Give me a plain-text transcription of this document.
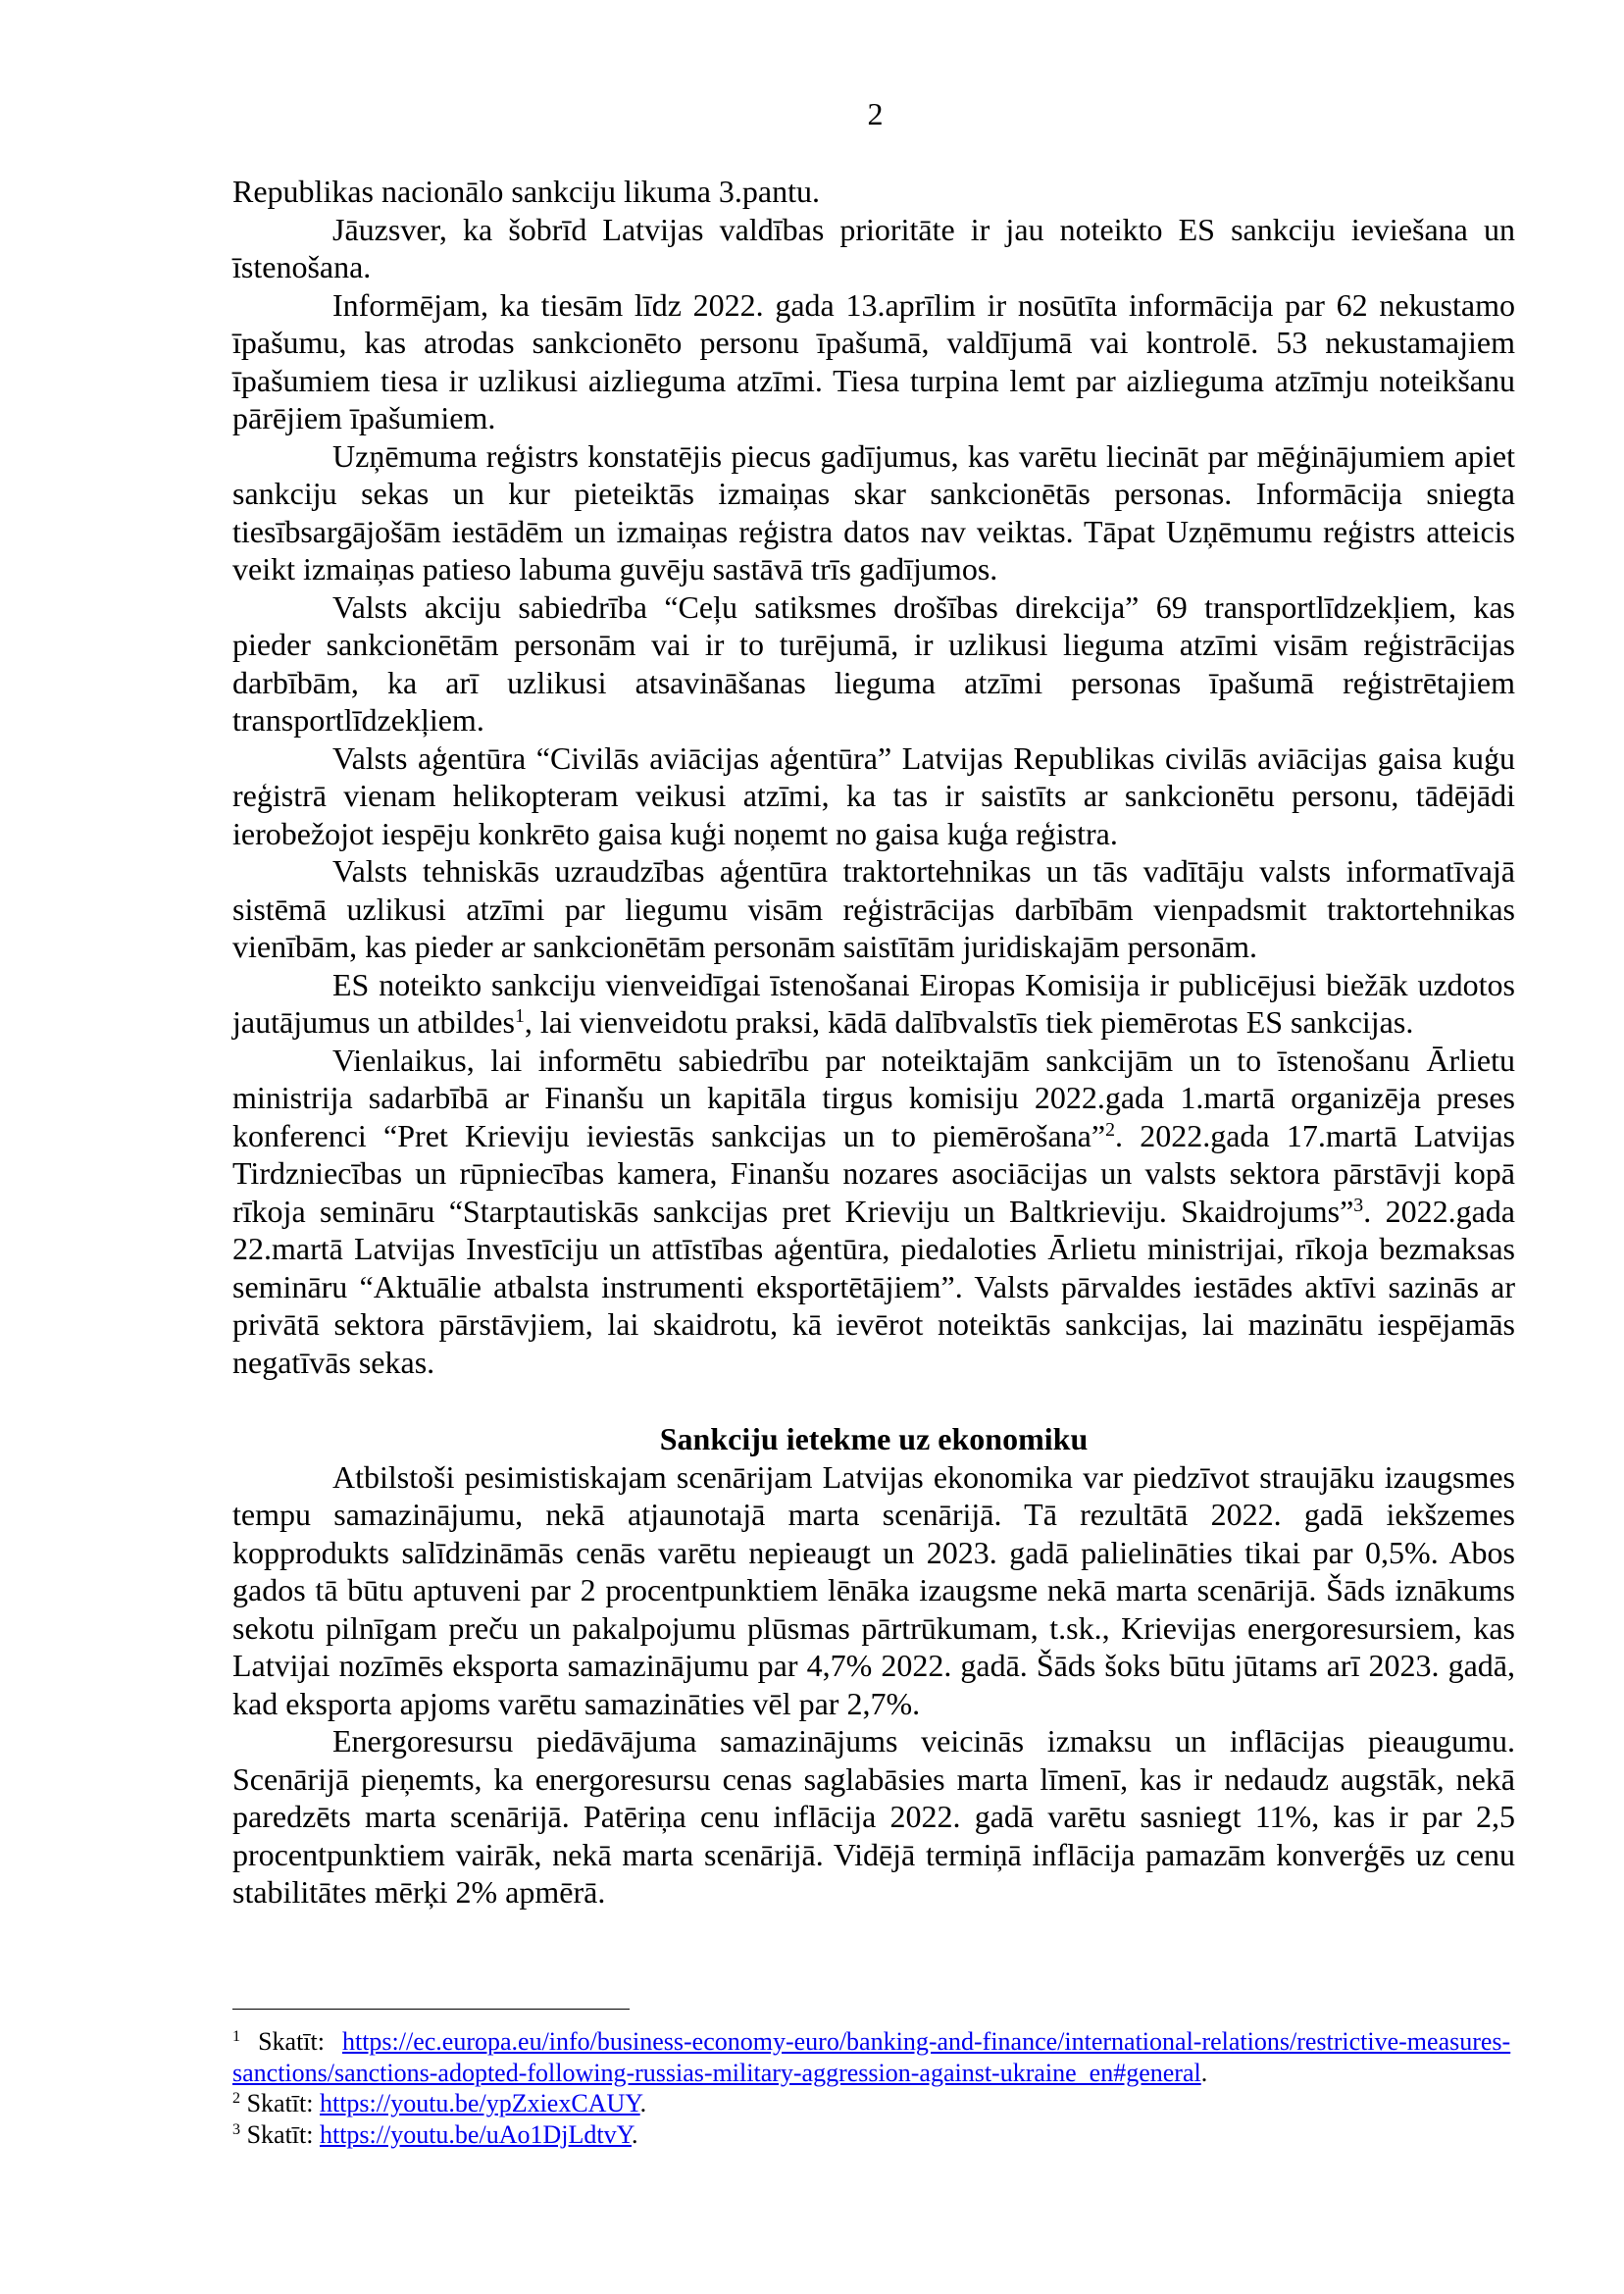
2

Republikas nacionālo sankciju likuma 3.pantu.

Jāuzsver, ka šobrīd Latvijas valdības prioritāte ir jau noteikto ES sankciju ieviešana un īstenošana.

Informējam, ka tiesām līdz 2022. gada 13.aprīlim ir nosūtīta informācija par 62 nekustamo īpašumu, kas atrodas sankcionēto personu īpašumā, valdījumā vai kontrolē. 53 nekustamajiem īpašumiem tiesa ir uzlikusi aizlieguma atzīmi. Tiesa turpina lemt par aizlieguma atzīmju noteikšanu pārējiem īpašumiem.

Uzņēmuma reģistrs konstatējis piecus gadījumus, kas varētu liecināt par mēģinājumiem apiet sankciju sekas un kur pieteiktās izmaiņas skar sankcionētās personas. Informācija sniegta tiesībsargājošām iestādēm un izmaiņas reģistra datos nav veiktas. Tāpat Uzņēmumu reģistrs atteicis veikt izmaiņas patieso labuma guvēju sastāvā trīs gadījumos.

Valsts akciju sabiedrība “Ceļu satiksmes drošības direkcija” 69 transportlīdzekļiem, kas pieder sankcionētām personām vai ir to turējumā, ir uzlikusi lieguma atzīmi visām reģistrācijas darbībām, ka arī uzlikusi atsavināšanas lieguma atzīmi personas īpašumā reģistrētajiem transportlīdzekļiem.

Valsts aģentūra “Civilās aviācijas aģentūra” Latvijas Republikas civilās aviācijas gaisa kuģu reģistrā vienam helikopteram veikusi atzīmi, ka tas ir saistīts ar sankcionētu personu, tādējādi ierobežojot iespēju konkrēto gaisa kuģi noņemt no gaisa kuģa reģistra.

Valsts tehniskās uzraudzības aģentūra traktortehnikas un tās vadītāju valsts informatīvajā sistēmā uzlikusi atzīmi par liegumu visām reģistrācijas darbībām vienpadsmit traktortehnikas vienībām, kas pieder ar sankcionētām personām saistītām juridiskajām personām.

ES noteikto sankciju vienveidīgai īstenošanai Eiropas Komisija ir publicējusi biežāk uzdotos jautājumus un atbildes$^1$, lai vienveidotu praksi, kādā dalībvalstīs tiek piemērotas ES sankcijas.

Vienlaikus, lai informētu sabiedrību par noteiktajām sankcijām un to īstenošanu Ārlietu ministrija sadarbībā ar Finanšu un kapitāla tirgus komisiju 2022.gada 1.martā organizēja preses konferenci “Pret Krieviju ieviestās sankcijas un to piemērošana”$^2$. 2022.gada 17.martā Latvijas Tirdzniecības un rūpniecības kamera, Finanšu nozares asociācijas un valsts sektora pārstāvji kopā rīkoja semināru “Starptautiskās sankcijas pret Krieviju un Baltkrieviju. Skaidrojums”$^3$. 2022.gada 22.martā Latvijas Investīciju un attīstības aģentūra, piedaloties Ārlietu ministrijai, rīkoja bezmaksas semināru “Aktuālie atbalsta instrumenti eksportētājiem”. Valsts pārvaldes iestādes aktīvi sazinās ar privātā sektora pārstāvjiem, lai skaidrotu, kā ievērot noteiktās sankcijas, lai mazinātu iespējamās negatīvās sekas.

Sankciju ietekme uz ekonomiku

Atbilstoši pesimistiskajam scenārijam Latvijas ekonomika var piedzīvot straujāku izaugsmes tempu samazinājumu, nekā atjaunotajā marta scenārijā. Tā rezultātā 2022. gadā iekšzemes kopprodukts salīdzināmās cenās varētu nepieaugt un 2023. gadā palielināties tikai par 0,5%. Abos gados tā būtu aptuveni par 2 procentpunktiem lēnāka izaugsme nekā marta scenārijā. Šāds iznākums sekotu pilnīgam preču un pakalpojumu plūsmas pārtrūkumam, t.sk., Krievijas energoresursiem, kas Latvijai nozīmēs eksporta samazinājumu par 4,7% 2022. gadā. Šāds šoks būtu jūtams arī 2023. gadā, kad eksporta apjoms varētu samazināties vēl par 2,7%.

Energoresursu piedāvājuma samazinājums veicinās izmaksu un inflācijas pieaugumu. Scenārijā pieņemts, ka energoresursu cenas saglabāsies marta līmenī, kas ir nedaudz augstāk, nekā paredzēts marta scenārijā. Patēriņa cenu inflācija 2022. gadā varētu sasniegt 11%, kas ir par 2,5 procentpunktiem vairāk, nekā marta scenārijā. Vidējā termiņā inflācija pamazām konverģēs uz cenu stabilitātes mērķi 2% apmērā.

$^1$ Skatīt: https://ec.europa.eu/info/business-economy-euro/banking-and-finance/international-relations/restrictive-measures-sanctions/sanctions-adopted-following-russias-military-aggression-against-ukraine_en#general.
$^2$ Skatīt: https://youtu.be/ypZxiexCAUY.
$^3$ Skatīt: https://youtu.be/uAo1DjLdtvY.
